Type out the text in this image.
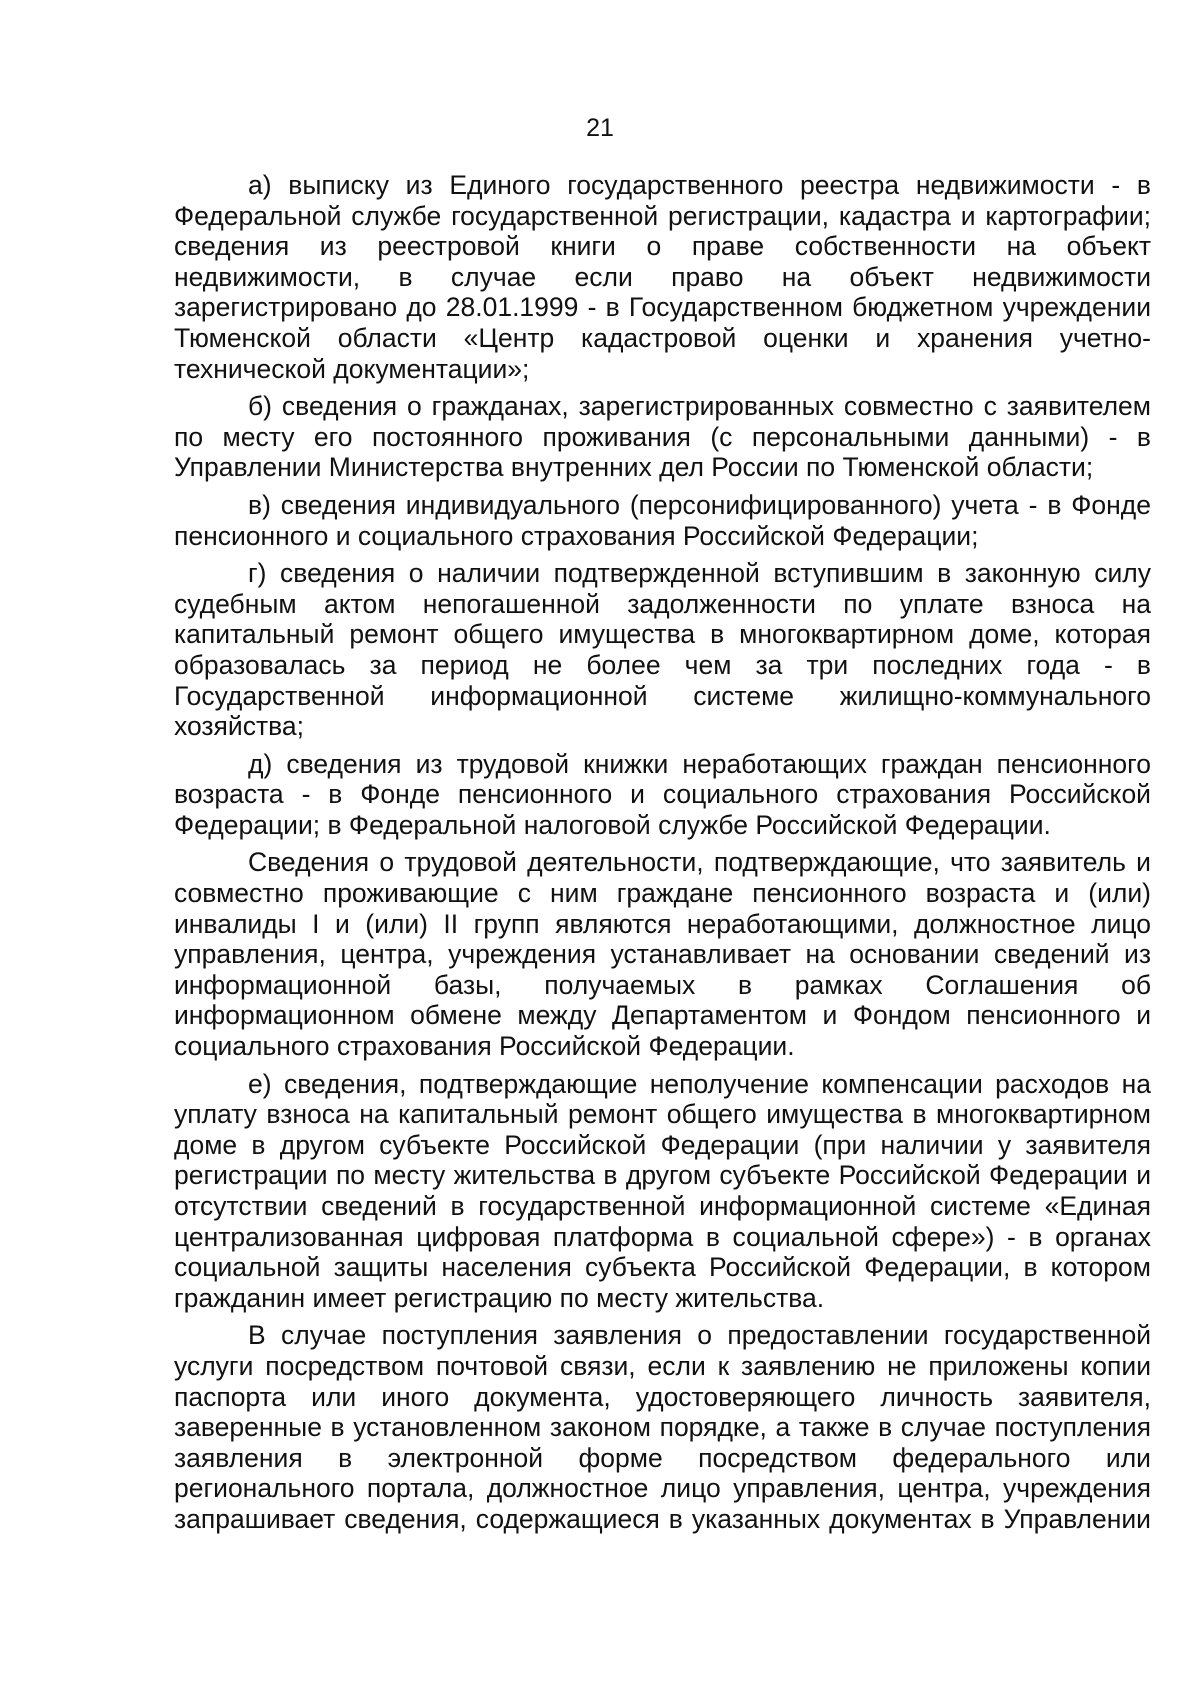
21

а) выписку из Единого государственного реестра недвижимости - в Федеральной службе государственной регистрации, кадастра и картографии; сведения из реестровой книги о праве собственности на объект недвижимости, в случае если право на объект недвижимости зарегистрировано до 28.01.1999 - в Государственном бюджетном учреждении Тюменской области «Центр кадастровой оценки и хранения учетно-технической документации»;

б) сведения о гражданах, зарегистрированных совместно с заявителем по месту его постоянного проживания (с персональными данными) - в Управлении Министерства внутренних дел России по Тюменской области;

в) сведения индивидуального (персонифицированного) учета - в Фонде пенсионного и социального страхования Российской Федерации;

г) сведения о наличии подтвержденной вступившим в законную силу судебным актом непогашенной задолженности по уплате взноса на капитальный ремонт общего имущества в многоквартирном доме, которая образовалась за период не более чем за три последних года - в Государственной информационной системе жилищно-коммунального хозяйства;

д) сведения из трудовой книжки неработающих граждан пенсионного возраста - в Фонде пенсионного и социального страхования Российской Федерации; в Федеральной налоговой службе Российской Федерации.

Сведения о трудовой деятельности, подтверждающие, что заявитель и совместно проживающие с ним граждане пенсионного возраста и (или) инвалиды I и (или) II групп являются неработающими, должностное лицо управления, центра, учреждения устанавливает на основании сведений из информационной базы, получаемых в рамках Соглашения об информационном обмене между Департаментом и Фондом пенсионного и социального страхования Российской Федерации.

е) сведения, подтверждающие неполучение компенсации расходов на уплату взноса на капитальный ремонт общего имущества в многоквартирном доме в другом субъекте Российской Федерации (при наличии у заявителя регистрации по месту жительства в другом субъекте Российской Федерации и отсутствии сведений в государственной информационной системе «Единая централизованная цифровая платформа в социальной сфере») - в органах социальной защиты населения субъекта Российской Федерации, в котором гражданин имеет регистрацию по месту жительства.

В случае поступления заявления о предоставлении государственной услуги посредством почтовой связи, если к заявлению не приложены копии паспорта или иного документа, удостоверяющего личность заявителя, заверенные в установленном законом порядке, а также в случае поступления заявления в электронной форме посредством федерального или регионального портала, должностное лицо управления, центра, учреждения запрашивает сведения, содержащиеся в указанных документах в Управлении
